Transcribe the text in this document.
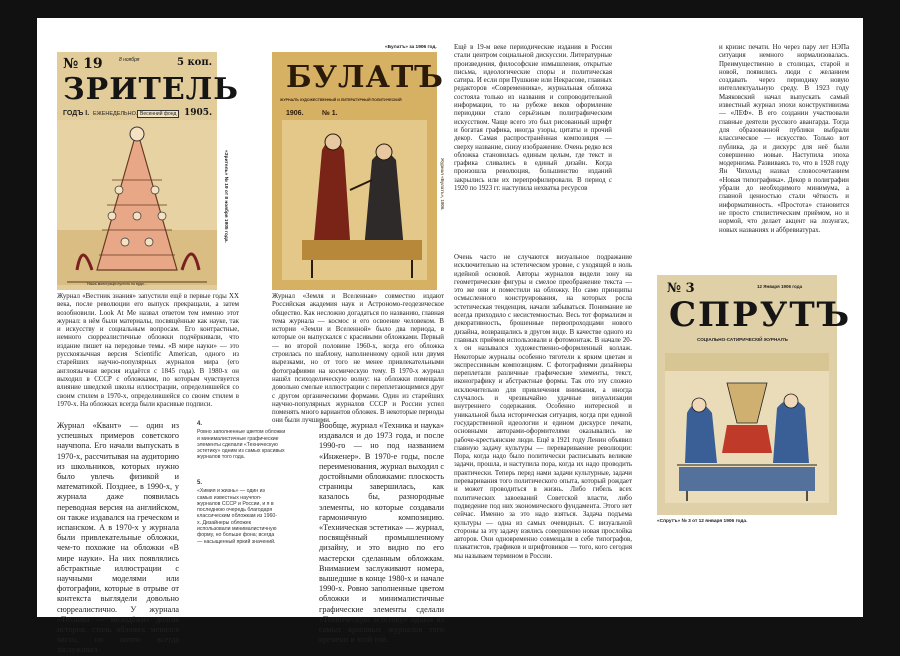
№ 19	8 ноября	5 коп.
ЗРИТЕЛЬ
ГОДЪ I. ЕЖЕНЕДЕЛЬНО. Весенний фонд 1905.
Нашъ монстрацiя пустить по вуди...
«Зритель» № 19 от 8 ноября 1905 года.
«Булатъ» за 1906 год.
БУЛАТЪ
ЖУРНАЛЪ ХУДОЖЕСТВЕННЫЙ И ЛИТЕРАТУРНЫЙ ПОЛИТИЧЕСКИЙ
1906.	№ 1.
Журнал «Булатъ», 1906.

Журнал «Вестник знания» запустили ещё в первые годы XX века, после революции его выпуск прекращали, а затем возобновили. Look At Me назвал ответом тем именно этот журнал: в нём были материалы, посвящённые как науке, так и искусству и социальным вопросам. Его контрастные, немного сюрреалистичные обложки подчёркивали, что издание пишет на передовые темы. «В мире науки» — это русскоязычная версия Scientific American, одного из старейших научно-популярных журналов мира (его англоязычная версия издаётся с 1845 года). В 1980-х он выходил в СССР с обложками, по которым чувствуется влияние шведской школы иллюстрации, определившейся со своим стилем в 1970-х, определившейся со своим стилем в 1970-х. На обложках всегда были красивые подписи.

Журнал «Квант» — один из успешных примеров советского научпопа. Его начали выпускать в 1970-х, рассчитывая на аудиторию из школьников, которых нужно было увлечь физикой и математикой. Позднее, в 1990-х, у журнала даже появилась переводная версия на английском, он также издавался на греческом и испанском. А в 1970-х у журнала были привлекательные обложки, чем-то похожие на обложки «В мире науки». На них появлялись абстрактные иллюстрации с научными моделями или фотографии, которые в отрыве от контекста выглядели довольно сюрреалистично. У журнала «Техника — молодёжи» долгая история, стиль обложек менялся часто, но почти всегда заслуживал.

4.
Ровно заполненные цветом обложки и минималистичные графические элементы сделали «Техническую эстетику» одним из самых красивых журналов того года.
5.
«Химия и жизнь» — один из самых известных научпоп-журналов СССР и России, и я в последнюю очередь благодаря классическим обложкам из 1960-х. Дизайнеры обложек использовали минималистичную форму, но больше фона; всегда — насыщенный яркий значений.

Журнал «Земля и Вселенная» совместно издают Российская академия наук и Астрономо-геодезическое общество. Как несложно догадаться по названию, главная тема журнала — космос и его освоение человеком. В истории «Земли и Вселенной» было два периода, в которые он выпускался с красивыми обложками. Первый — во второй половине 1960-х, когда его обложка строилась по шаблону, наполненному одной или двумя вырезками, но от того не менее привлекательными фотографиями на космическую тему. В 1970-х журнал нашёл психоделическую волну: на обложки помещали довольно смелые иллюстрации с переплетающимися друг с другом органическими формами. Один из старейших научно-популярных журналов СССР и России успел поменять много вариантов обложек. В некоторые периоды они были лучшими.

Вообще, журнал «Техника и наука» издавался и до 1973 года, и после 1990-го — но под названием «Инженер». В 1970-е годы, после переименования, журнал выходил с достойными обложками: плоскость страницы завершилась, как казалось бы, разнородные элементы, но которые создавали гармоничную композицию. «Техническая эстетика» — журнал, посвящённый промышленному дизайну, и это видно по его мастерски сделанным обложкам. Вниманием заслуживают номера, вышедшие в конце 1980-х и начале 1990-х. Ровно заполненные цветом обложки и минималистичные графические элементы сделали «Техническую эстетику» одним из самых красивых журналов того времени и этой той.

Ещё в 19-м веке периодические издания в России стали центром социальной дискуссии. Литературные произведения, философские измышления, открытые письма, идеологические споры и политическая сатира. И если при Пушкине или Некрасове, главных редакторов «Современника», журнальная обложка состояла только из названия и сопроводительной информации, то на рубеже веков оформление периодики стало серьёзным полиграфическим искусством. Чаще всего это был рисованный шрифт и богатая графика, иногда узоры, цитаты и прочий декор. Самая распространённая композиция — сверху название, снизу изображение. Очень редко вся обложка становилась единым целым, где текст и графика сливались в единый дизайн. Когда произошла революция, большинство изданий закрылись или их перепрофилировали. В период с 1920 по 1923 гг. наступила нехватка ресурсов

Очень часто не случаются визуальное подражание исключительно на эстетическом уровне, с уходящей в ноль идейной основой. Авторы журналов видели зону на геометрические фигуры и смелое преображение текста — это же они и поместили на обложку. Но само принципы осмысленного конструирования, на которых росла эстетическая тенденция, начали забываться. Понимание не всегда приходило с несистемностью. Весь тот формализм и декоративность, брошенные первопроходцами нового дизайна, возвращались в другом виде. В качестве одного из главных приёмов использовали и фотомонтаж. В начале 20-х он назывался художественно-оформленный коллаж. Некоторые журналы особенно тяготели к ярким цветам и экспрессивным композициям. С фотографиями дизайнеры переплетали различные графические элементы, текст, иконографику и абстрактные формы. Так ото эту сложно исключительно для привлечения внимания, а иногда случалось и чрезвычайно удачные визуализации внутреннего содержания. Особенно интересной и уникальной была историческая ситуация, когда при единой государственной идеологии и едином дискурсе печати, основными авторами-оформителями оказывались не рабоче-крестьянские люди. Ещё в 1921 году Ленин объявил главную задачу культуры — перевариваение революции: Пора, когда надо было политически расписывать великие задачи, прошла, и наступила пора, когда их надо проводить практически. Теперь перед нами задачи культурные, задачи переваривания того политического опыта, который рождает и может проводиться в жизнь. Либо гибель всех политических завоеваний Советской власти, либо подведение под них экономического фундамента. Этого нет сейчас. Именно за это надо взяться. Задача подъема культуры — одна из самых очевидных. С визуальной стороны за эту задачу взялись совершенно новая прослойка авторов. Они одновременно совмещали в себе типографов, плакатистов, графиков и шрифтовиков — того, кого сегодня мы называем термином в России.

и кризис печати. Но через пару лет НЭПа ситуация немного нормализовалась. Преимущественно в столицах, старой и новой, появились люди с желанием создавать через периодику новую интеллектуальную среду. В 1923 году Маяковский начал выпускать самый известный журнал эпохи конструктивизма — «ЛЕФ». В его создании участвовали главные деятели русского авангарда. Тогда для образованной публики выбрали классическое — искусство. Только вот публика, да и дискурс для неё были совершенно новые. Наступила эпоха модернизма. Развиваясь то, что в 1928 году Ян Чихольд назвал словосочетанием «Новая типографика». Декор в полиграфии убрали до необходимого минимума, а главной ценностью стали чёткость и информативность. «Простота» становится не просто стилистическим приёмом, но и нормой, что делает акцент на лозунгах, новых названиях и аббревиатурах.

№ 3	12 Января 1906 года
СПРУТЪ
СОЦIАЛЬНО-САТИРИЧЕСКIЙ ЖУРНАЛЪ
«Спрутъ» № 3 от 12 января 1906 года.
